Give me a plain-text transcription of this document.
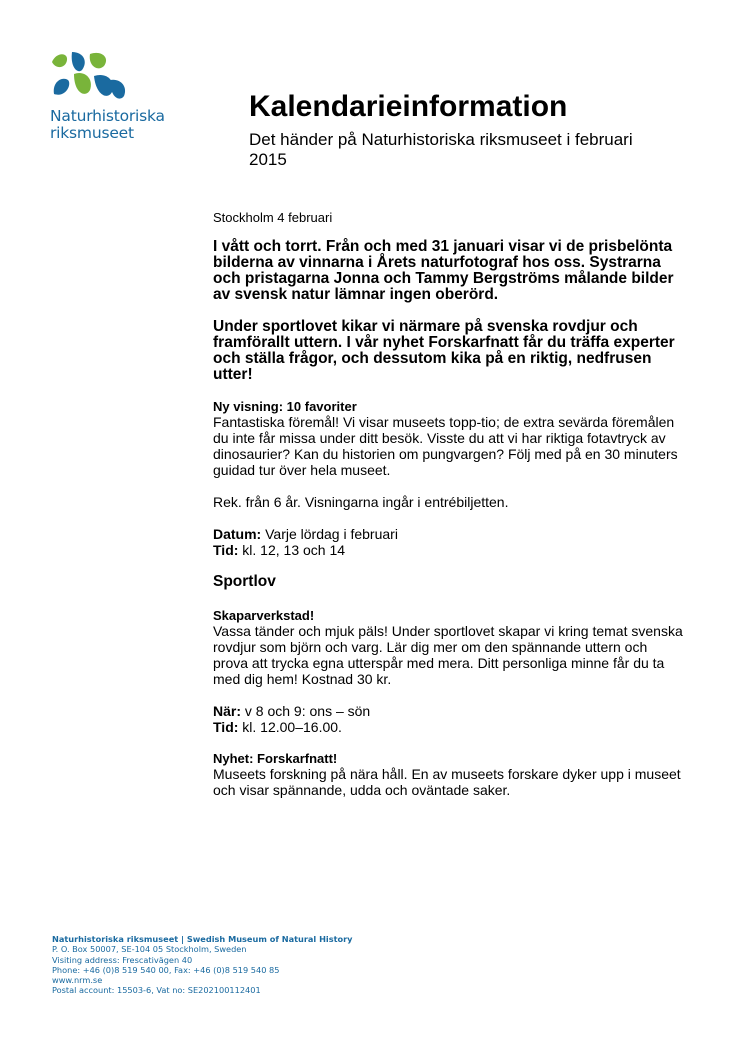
Naturhistoriska
riksmuseet
Kalendarieinformation

Det händer på Naturhistoriska riksmuseet i februari 2015

Stockholm 4 februari

I vått och torrt. Från och med 31 januari visar vi de prisbelönta bilderna av vinnarna i Årets naturfotograf hos oss. Systrarna och pristagarna Jonna och Tammy Bergströms målande bilder av svensk natur lämnar ingen oberörd.

Under sportlovet kikar vi närmare på svenska rovdjur och framförallt uttern. I vår nyhet Forskarfnatt får du träffa experter och ställa frågor, och dessutom kika på en riktig, nedfrusen utter!

Ny visning: 10 favoriter

Fantastiska föremål! Vi visar museets topp-tio; de extra sevärda föremålen du inte får missa under ditt besök. Visste du att vi har riktiga fotavtryck av dinosaurier? Kan du historien om pungvargen? Följ med på en 30 minuters guidad tur över hela museet.

Rek. från 6 år. Visningarna ingår i entrébiljetten.

Datum: Varje lördag i februari
Tid: kl. 12, 13 och 14
Sportlov
Skaparverkstad!

Vassa tänder och mjuk päls! Under sportlovet skapar vi kring temat svenska rovdjur som björn och varg. Lär dig mer om den spännande uttern och prova att trycka egna utterspår med mera. Ditt personliga minne får du ta med dig hem! Kostnad 30 kr.

När: v 8 och 9: ons – sön
Tid: kl. 12.00–16.00.
Nyhet: Forskarfnatt!

Museets forskning på nära håll. En av museets forskare dyker upp i museet och visar spännande, udda och oväntade saker.

Naturhistoriska riksmuseet | Swedish Museum of Natural History
P. O. Box 50007, SE-104 05 Stockholm, Sweden
Visiting address: Frescativägen 40
Phone: +46 (0)8 519 540 00, Fax: +46 (0)8 519 540 85
www.nrm.se
Postal account: 15503-6, Vat no: SE202100112401
